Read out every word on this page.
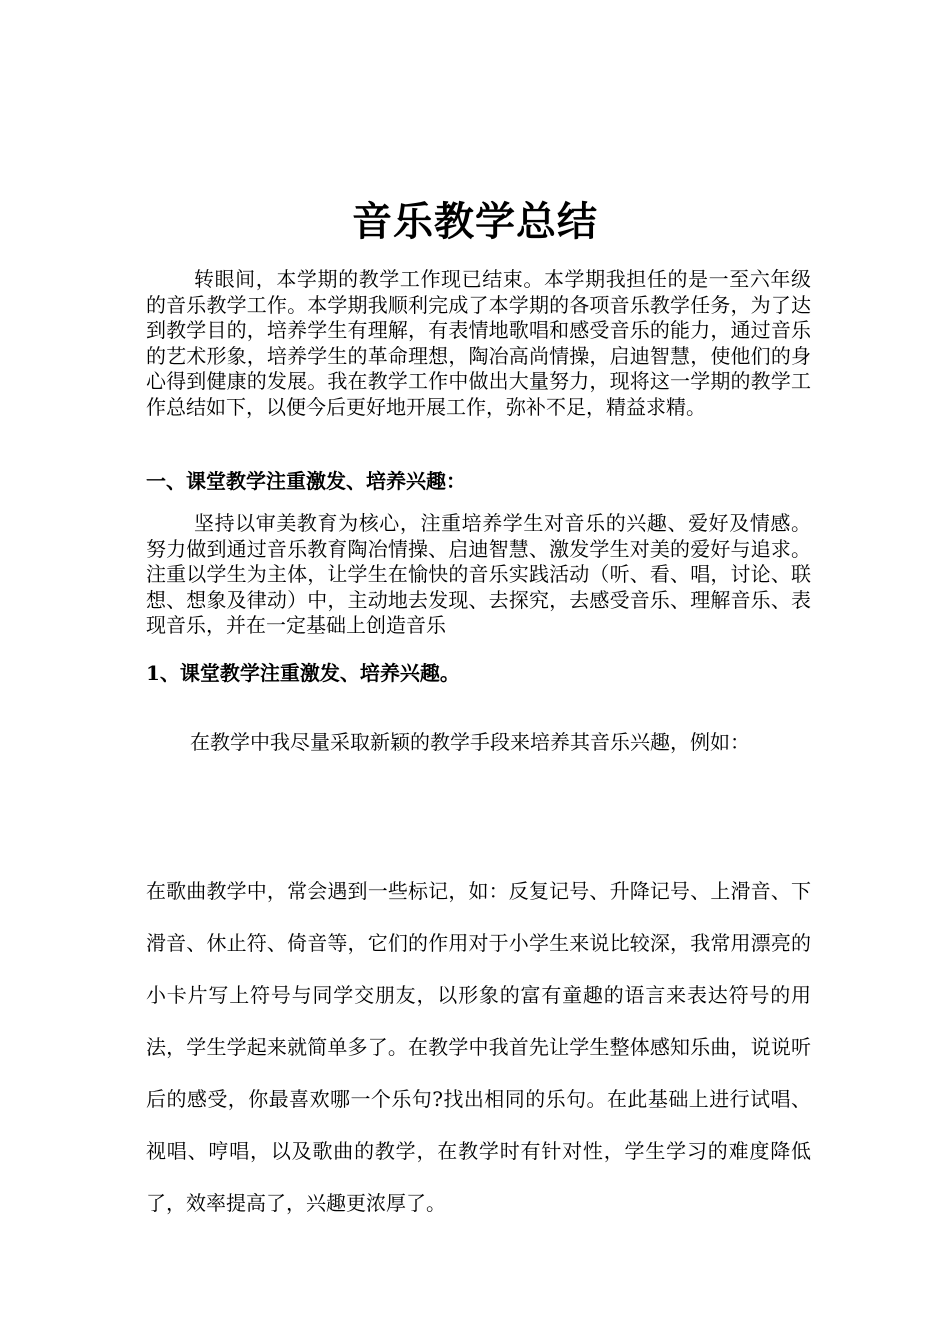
音乐教学总结
转眼间，本学期的教学工作现已结束。本学期我担任的是一至六年级的音乐教学工作。本学期我顺利完成了本学期的各项音乐教学任务，为了达到教学目的，培养学生有理解，有表情地歌唱和感受音乐的能力，通过音乐的艺术形象，培养学生的革命理想，陶冶高尚情操，启迪智慧，使他们的身心得到健康的发展。我在教学工作中做出大量努力，现将这一学期的教学工作总结如下，以便今后更好地开展工作，弥补不足，精益求精。
一、课堂教学注重激发、培养兴趣：
坚持以审美教育为核心，注重培养学生对音乐的兴趣、爱好及情感。努力做到通过音乐教育陶冶情操、启迪智慧、激发学生对美的爱好与追求。注重以学生为主体，让学生在愉快的音乐实践活动（听、看、唱，讨论、联想、想象及律动）中，主动地去发现、去探究，去感受音乐、理解音乐、表现音乐，并在一定基础上创造音乐
1、课堂教学注重激发、培养兴趣。
在教学中我尽量采取新颖的教学手段来培养其音乐兴趣，例如：
在歌曲教学中，常会遇到一些标记，如：反复记号、升降记号、上滑音、下滑音、休止符、倚音等，它们的作用对于小学生来说比较深，我常用漂亮的小卡片写上符号与同学交朋友，以形象的富有童趣的语言来表达符号的用法，学生学起来就简单多了。在教学中我首先让学生整体感知乐曲，说说听后的感受，你最喜欢哪一个乐句?找出相同的乐句。在此基础上进行试唱、视唱、哼唱，以及歌曲的教学，在教学时有针对性，学生学习的难度降低了，效率提高了，兴趣更浓厚了。
